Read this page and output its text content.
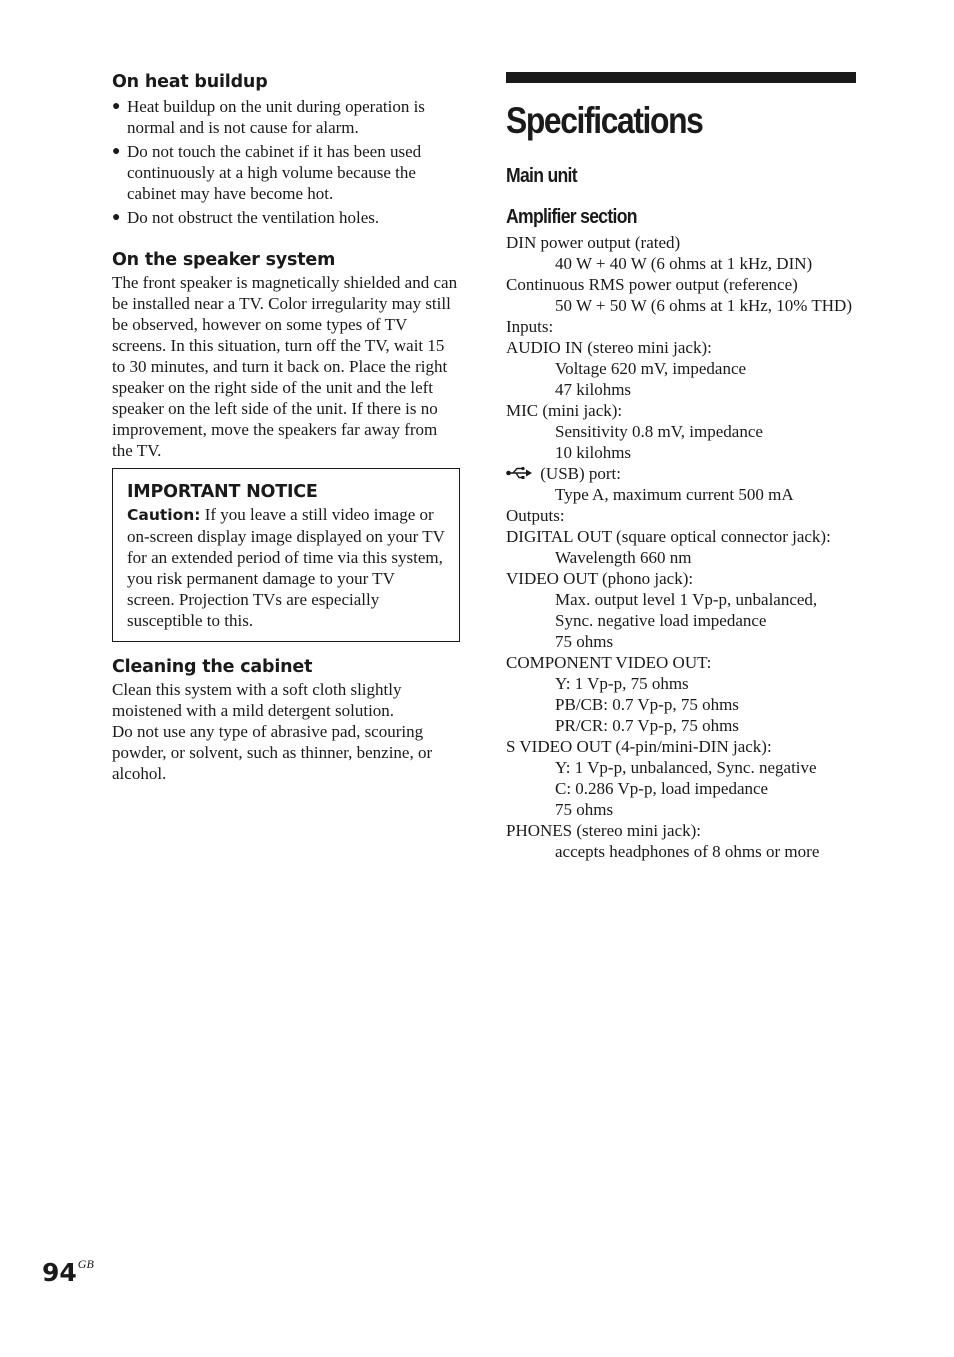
On heat buildup
● Heat buildup on the unit during operation is normal and is not cause for alarm.
● Do not touch the cabinet if it has been used continuously at a high volume because the cabinet may have become hot.
● Do not obstruct the ventilation holes.
On the speaker system

The front speaker is magnetically shielded and can be installed near a TV. Color irregularity may still be observed, however on some types of TV screens. In this situation, turn off the TV, wait 15 to 30 minutes, and turn it back on. Place the right speaker on the right side of the unit and the left speaker on the left side of the unit. If there is no improvement, move the speakers far away from the TV.

IMPORTANT NOTICE

Caution: If you leave a still video image or on-screen display image displayed on your TV for an extended period of time via this system, you risk permanent damage to your TV screen. Projection TVs are especially susceptible to this.

Cleaning the cabinet

Clean this system with a soft cloth slightly moistened with a mild detergent solution.

Do not use any type of abrasive pad, scouring powder, or solvent, such as thinner, benzine, or alcohol.

Specifications
Main unit
Amplifier section
DIN power output (rated)
40 W + 40 W (6 ohms at 1 kHz, DIN)
Continuous RMS power output (reference)
50 W + 50 W (6 ohms at 1 kHz, 10% THD)
Inputs:
AUDIO IN (stereo mini jack):
Voltage 620 mV, impedance
47 kilohms
MIC (mini jack):
Sensitivity 0.8 mV, impedance
10 kilohms
(USB) port:
Type A, maximum current 500 mA
Outputs:
DIGITAL OUT (square optical connector jack):
Wavelength 660 nm
VIDEO OUT (phono jack):
Max. output level 1 Vp-p, unbalanced,
Sync. negative load impedance
75 ohms
COMPONENT VIDEO OUT:
Y: 1 Vp-p, 75 ohms
PB/CB: 0.7 Vp-p, 75 ohms
PR/CR: 0.7 Vp-p, 75 ohms
S VIDEO OUT (4-pin/mini-DIN jack):
Y: 1 Vp-p, unbalanced, Sync. negative
C: 0.286 Vp-p, load impedance
75 ohms
PHONES (stereo mini jack):
accepts headphones of 8 ohms or more
$94^{GB}$
